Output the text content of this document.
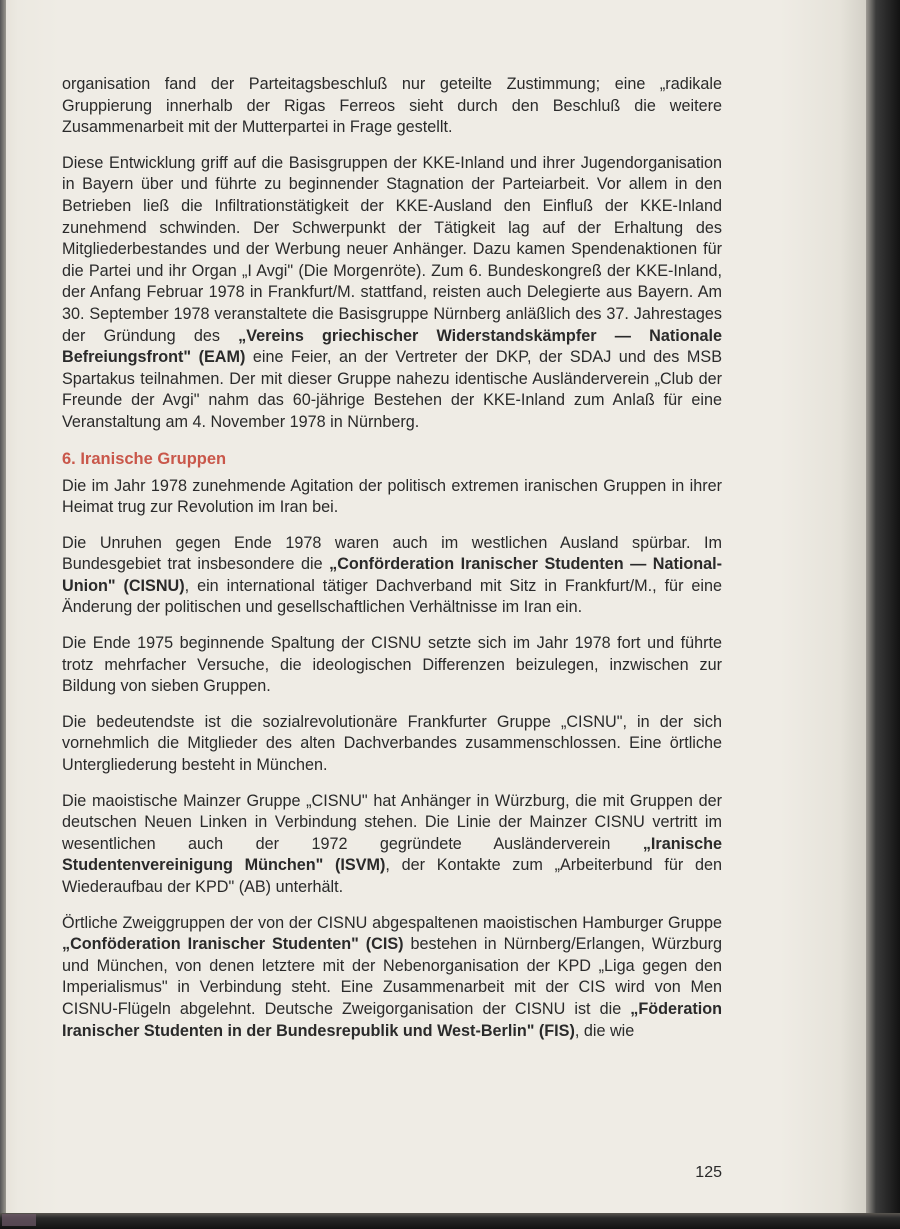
organisation fand der Parteitagsbeschluß nur geteilte Zustimmung; eine „radikale Gruppierung innerhalb der Rigas Ferreos sieht durch den Beschluß die weitere Zusammenarbeit mit der Mutterpartei in Frage gestellt.

Diese Entwicklung griff auf die Basisgruppen der KKE-Inland und ihrer Jugendorganisation in Bayern über und führte zu beginnender Stagnation der Parteiarbeit. Vor allem in den Betrieben ließ die Infiltrationstätigkeit der KKE-Ausland den Einfluß der KKE-Inland zunehmend schwinden. Der Schwerpunkt der Tätigkeit lag auf der Erhaltung des Mitgliederbestandes und der Werbung neuer Anhänger. Dazu kamen Spendenaktionen für die Partei und ihr Organ „I Avgi" (Die Morgenröte). Zum 6. Bundeskongreß der KKE-Inland, der Anfang Februar 1978 in Frankfurt/M. stattfand, reisten auch Delegierte aus Bayern. Am 30. September 1978 veranstaltete die Basisgruppe Nürnberg anläßlich des 37. Jahrestages der Gründung des „Vereins griechischer Widerstandskämpfer — Nationale Befreiungsfront" (EAM) eine Feier, an der Vertreter der DKP, der SDAJ und des MSB Spartakus teilnahmen. Der mit dieser Gruppe nahezu identische Ausländerverein „Club der Freunde der Avgi" nahm das 60-jährige Bestehen der KKE-Inland zum Anlaß für eine Veranstaltung am 4. November 1978 in Nürnberg.

6. Iranische Gruppen

Die im Jahr 1978 zunehmende Agitation der politisch extremen iranischen Gruppen in ihrer Heimat trug zur Revolution im Iran bei.

Die Unruhen gegen Ende 1978 waren auch im westlichen Ausland spürbar. Im Bundesgebiet trat insbesondere die „Conförderation Iranischer Studenten — National-Union" (CISNU), ein international tätiger Dachverband mit Sitz in Frankfurt/M., für eine Änderung der politischen und gesellschaftlichen Verhältnisse im Iran ein.

Die Ende 1975 beginnende Spaltung der CISNU setzte sich im Jahr 1978 fort und führte trotz mehrfacher Versuche, die ideologischen Differenzen beizulegen, inzwischen zur Bildung von sieben Gruppen.

Die bedeutendste ist die sozialrevolutionäre Frankfurter Gruppe „CISNU", in der sich vornehmlich die Mitglieder des alten Dachverbandes zusammenschlossen. Eine örtliche Untergliederung besteht in München.

Die maoistische Mainzer Gruppe „CISNU" hat Anhänger in Würzburg, die mit Gruppen der deutschen Neuen Linken in Verbindung stehen. Die Linie der Mainzer CISNU vertritt im wesentlichen auch der 1972 gegründete Ausländerverein „Iranische Studentenvereinigung München" (ISVM), der Kontakte zum „Arbeiterbund für den Wiederaufbau der KPD" (AB) unterhält.

Örtliche Zweiggruppen der von der CISNU abgespaltenen maoistischen Hamburger Gruppe „Conföderation Iranischer Studenten" (CIS) bestehen in Nürnberg/Erlangen, Würzburg und München, von denen letztere mit der Nebenorganisation der KPD „Liga gegen den Imperialismus" in Verbindung steht. Eine Zusammenarbeit mit der CIS wird von Men CISNU-Flügeln abgelehnt. Deutsche Zweigorganisation der CISNU ist die „Föderation Iranischer Studenten in der Bundesrepublik und West-Berlin" (FIS), die wie

125
